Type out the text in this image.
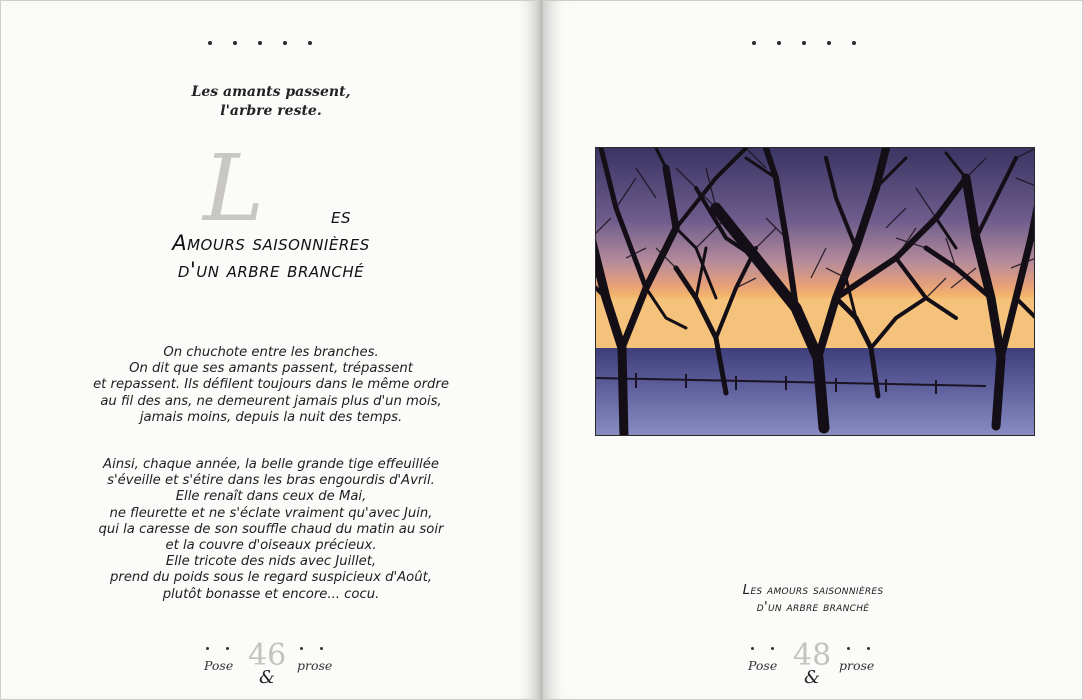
Les amants passent,
l'arbre reste.
L	es
Amours saisonnières
d'un arbre branché
On chuchote entre les branches.
On dit que ses amants passent, trépassent
et repassent. Ils défilent toujours dans le même ordre
au fil des ans, ne demeurent jamais plus d'un mois,
jamais moins, depuis la nuit des temps.
Ainsi, chaque année, la belle grande tige effeuillée
s'éveille et s'étire dans les bras engourdis d'Avril.
Elle renaît dans ceux de Mai,
ne fleurette et ne s'éclate vraiment qu'avec Juin,
qui la caresse de son souffle chaud du matin au soir
et la couvre d'oiseaux précieux.
Elle tricote des nids avec Juillet,
prend du poids sous le regard suspicieux d'Août,
plutôt bonasse et encore... cocu.
Pose 46
&
prose
Les amours saisonnières
d'un arbre branché
Pose 48
&
prose
